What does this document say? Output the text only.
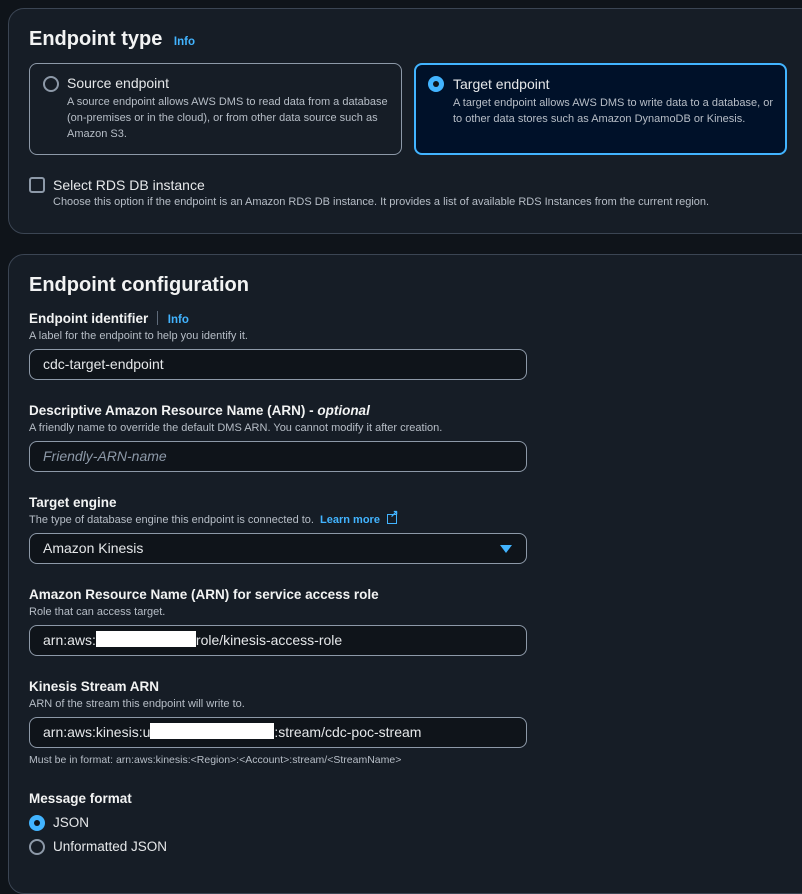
Endpoint type Info
Source endpoint
A source endpoint allows AWS DMS to read data from a database (on-premises or in the cloud), or from other data source such as Amazon S3.
Target endpoint
A target endpoint allows AWS DMS to write data to a database, or to other data stores such as Amazon DynamoDB or Kinesis.
Select RDS DB instance
Choose this option if the endpoint is an Amazon RDS DB instance. It provides a list of available RDS Instances from the current region.
Endpoint configuration
Endpoint identifier Info
A label for the endpoint to help you identify it.
cdc-target-endpoint
Descriptive Amazon Resource Name (ARN) - optional
A friendly name to override the default DMS ARN. You cannot modify it after creation.
Friendly-ARN-name
Target engine
The type of database engine this endpoint is connected to. Learn more ↗
Amazon Kinesis
Amazon Resource Name (ARN) for service access role
Role that can access target.
arn:aws:	role/kinesis-access-role
Kinesis Stream ARN
ARN of the stream this endpoint will write to.
arn:aws:kinesis:u	:stream/cdc-poc-stream
Must be in format: arn:aws:kinesis:<Region>:<Account>:stream/<StreamName>
Message format
JSON
Unformatted JSON
